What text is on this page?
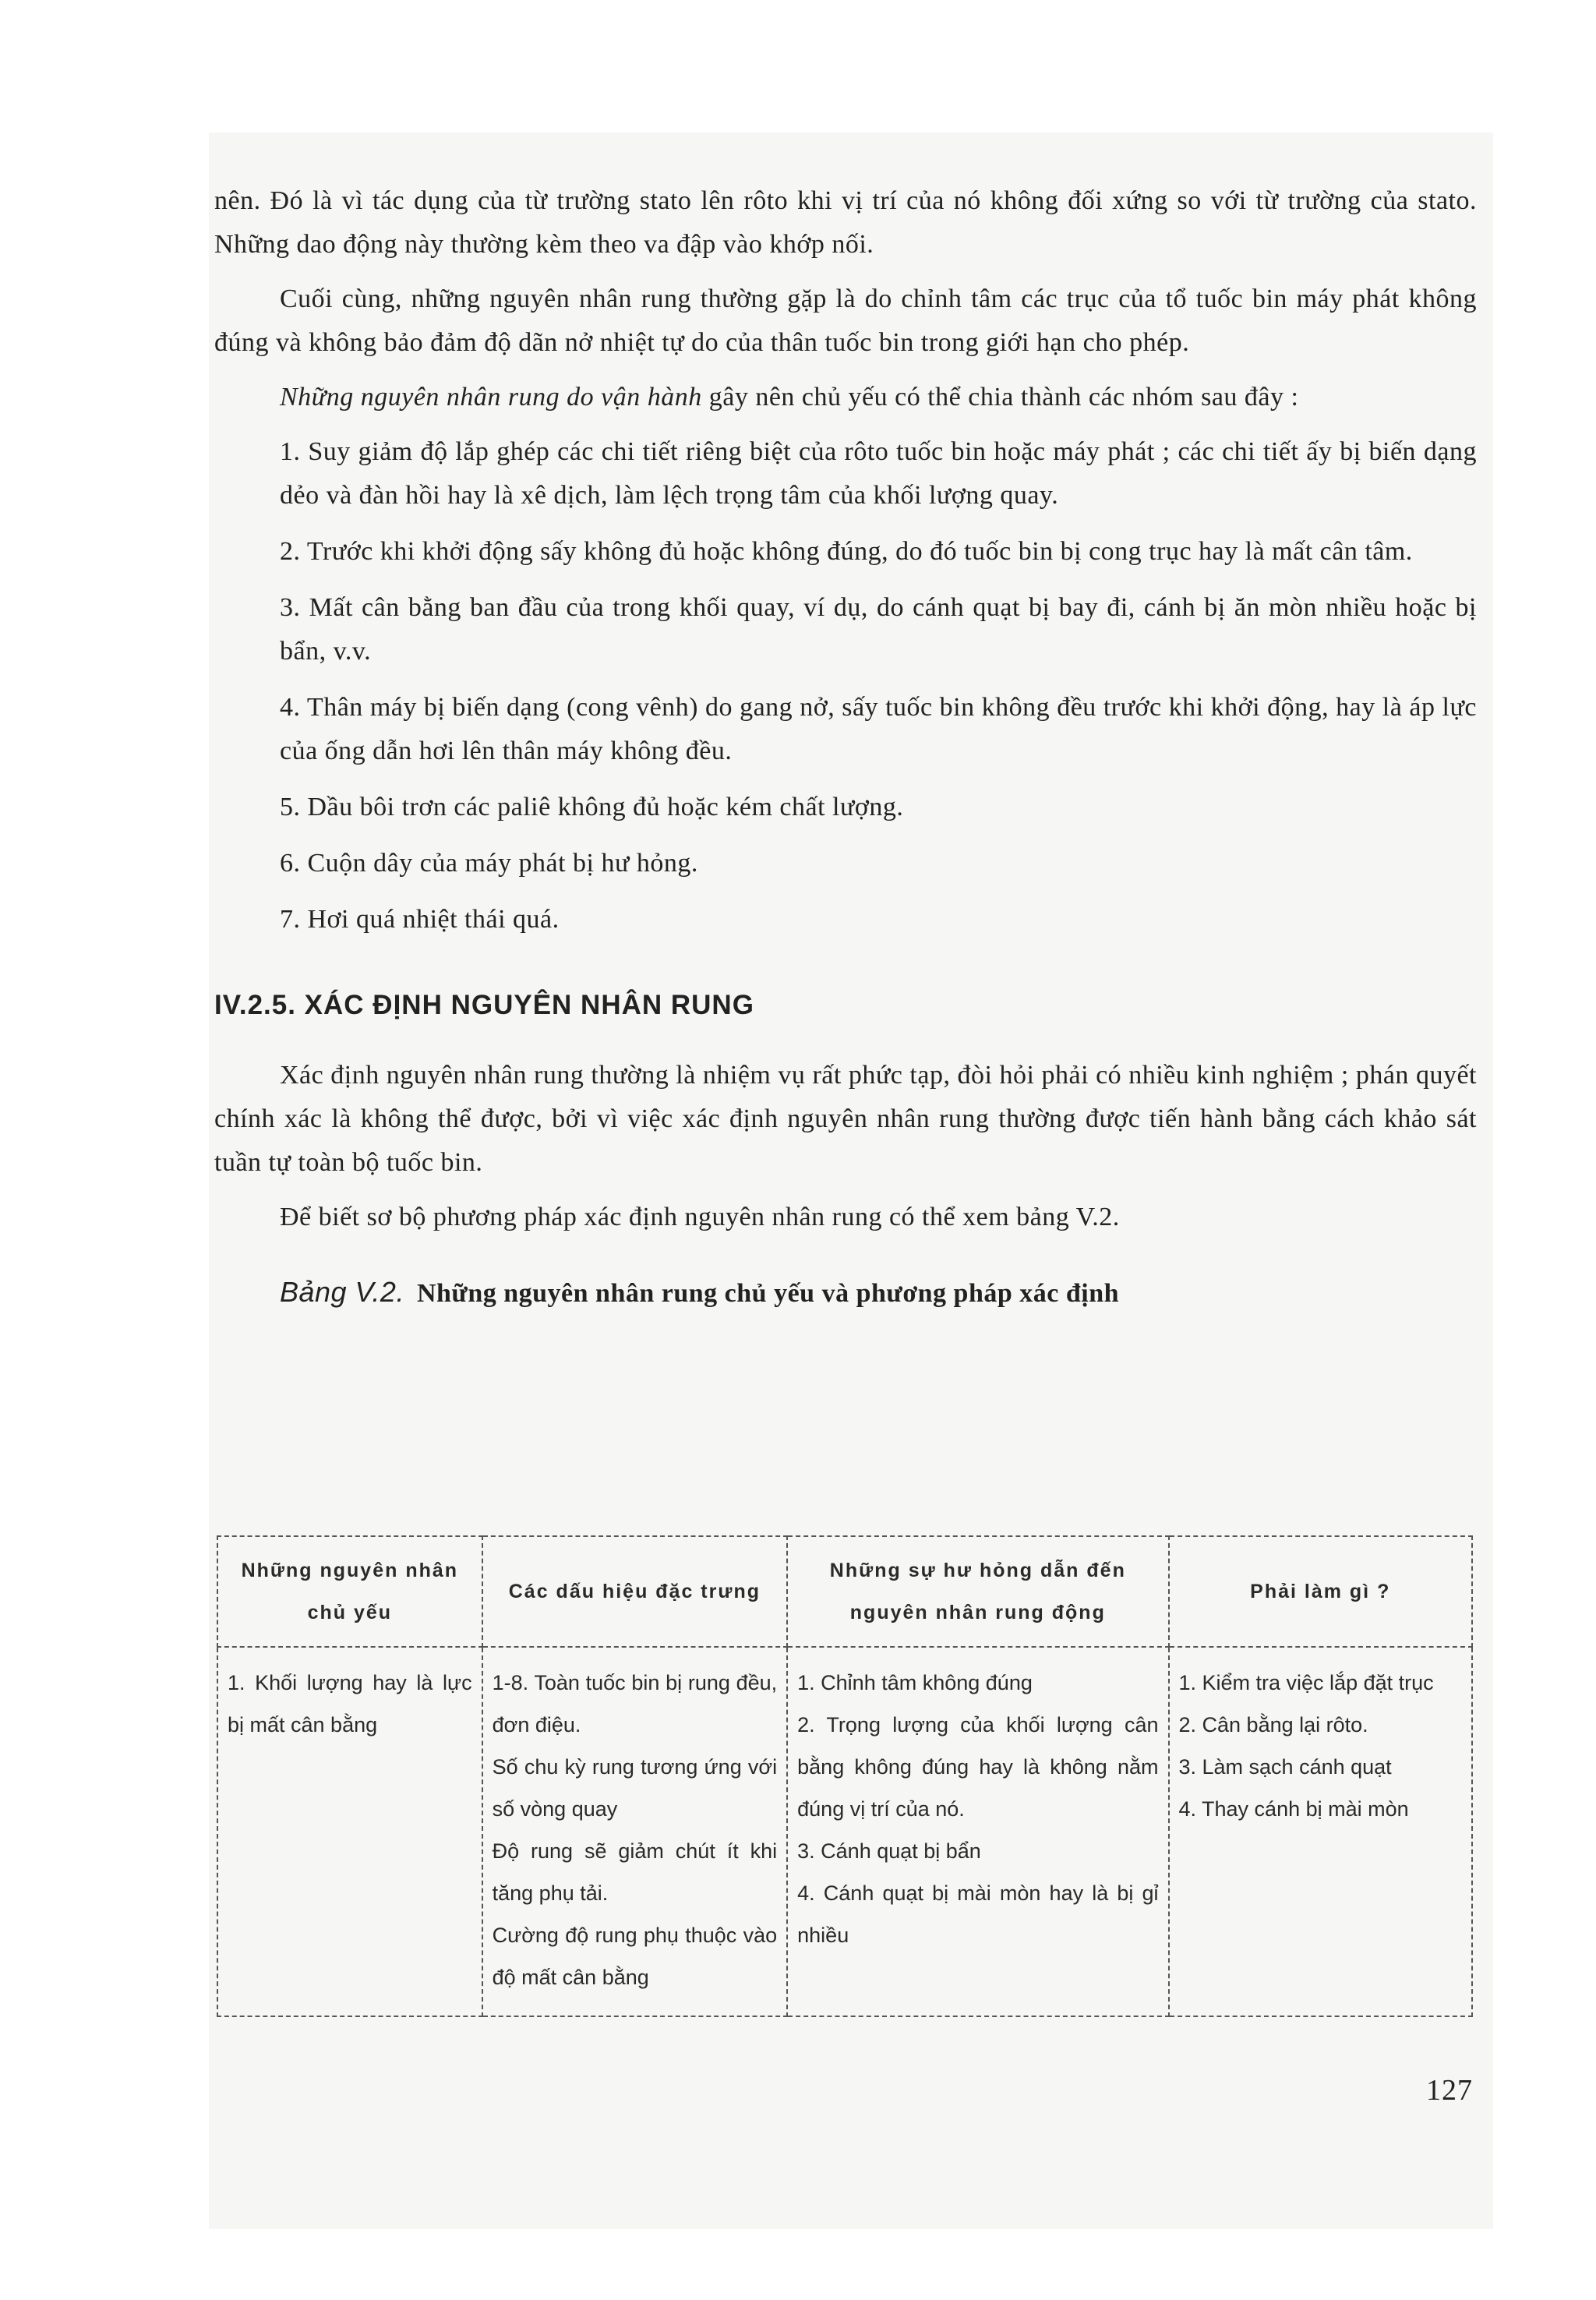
nên. Đó là vì tác dụng của từ trường stato lên rôto khi vị trí của nó không đối xứng so với từ trường của stato. Những dao động này thường kèm theo va đập vào khớp nối.

Cuối cùng, những nguyên nhân rung thường gặp là do chỉnh tâm các trục của tổ tuốc bin máy phát không đúng và không bảo đảm độ dãn nở nhiệt tự do của thân tuốc bin trong giới hạn cho phép.

Những nguyên nhân rung do vận hành gây nên chủ yếu có thể chia thành các nhóm sau đây :

1. Suy giảm độ lắp ghép các chi tiết riêng biệt của rôto tuốc bin hoặc máy phát ; các chi tiết ấy bị biến dạng dẻo và đàn hồi hay là xê dịch, làm lệch trọng tâm của khối lượng quay.

2. Trước khi khởi động sấy không đủ hoặc không đúng, do đó tuốc bin bị cong trục hay là mất cân tâm.

3. Mất cân bằng ban đầu của trong khối quay, ví dụ, do cánh quạt bị bay đi, cánh bị ăn mòn nhiều hoặc bị bẩn, v.v.

4. Thân máy bị biến dạng (cong vênh) do gang nở, sấy tuốc bin không đều trước khi khởi động, hay là áp lực của ống dẫn hơi lên thân máy không đều.

5. Dầu bôi trơn các paliê không đủ hoặc kém chất lượng.

6. Cuộn dây của máy phát bị hư hỏng.

7. Hơi quá nhiệt thái quá.

IV.2.5. XÁC ĐỊNH NGUYÊN NHÂN RUNG

Xác định nguyên nhân rung thường là nhiệm vụ rất phức tạp, đòi hỏi phải có nhiều kinh nghiệm ; phán quyết chính xác là không thể được, bởi vì việc xác định nguyên nhân rung thường được tiến hành bằng cách khảo sát tuần tự toàn bộ tuốc bin.

Để biết sơ bộ phương pháp xác định nguyên nhân rung có thể xem bảng V.2.

Bảng V.2. Những nguyên nhân rung chủ yếu và phương pháp xác định

Những nguyên nhân chủ yếu	Các dấu hiệu đặc trưng	Những sự hư hỏng dẫn đến nguyên nhân rung động	Phải làm gì ?

1. Khối lượng hay là lực bị mất cân bằng	1-8. Toàn tuốc bin bị rung đều, đơn điệu.
Số chu kỳ rung tương ứng với số vòng quay
Độ rung sẽ giảm chút ít khi tăng phụ tải.
Cường độ rung phụ thuộc vào độ mất cân bằng	1. Chỉnh tâm không đúng
2. Trọng lượng của khối lượng cân bằng không đúng hay là không nằm đúng vị trí của nó.
3. Cánh quạt bị bẩn
4. Cánh quạt bị mài mòn hay là bị gỉ nhiều	1. Kiểm tra việc lắp đặt trục
2. Cân bằng lại rôto.
3. Làm sạch cánh quạt
4. Thay cánh bị mài mòn
127
